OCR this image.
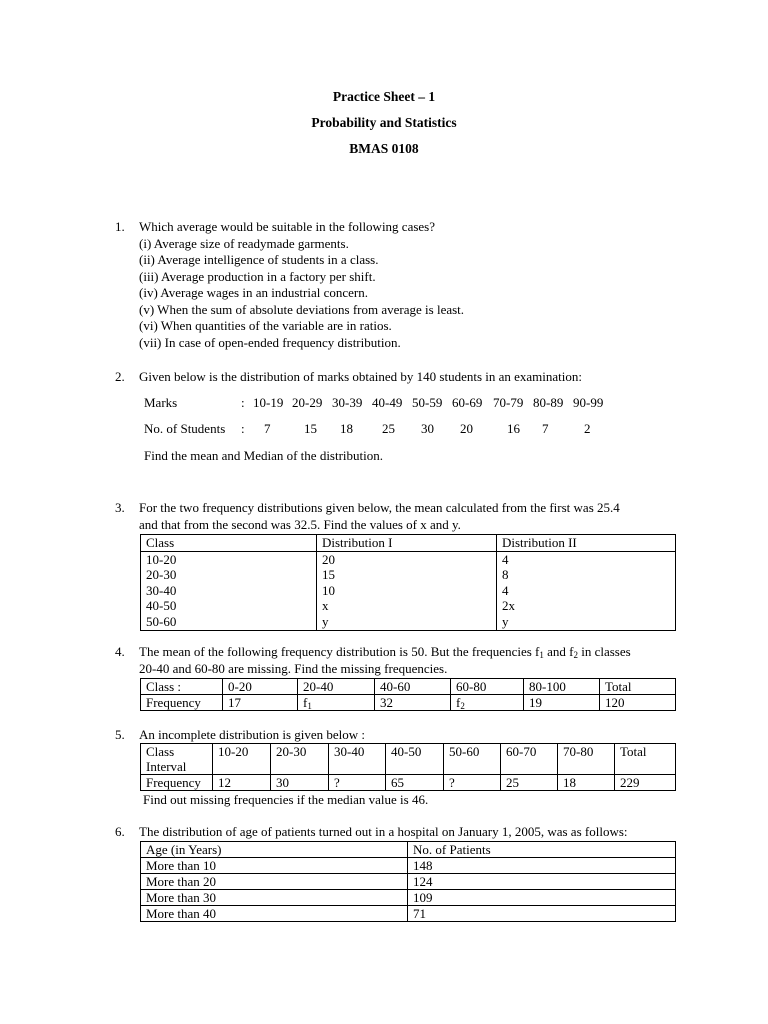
Practice Sheet – 1
Probability and Statistics
BMAS 0108
1. Which average would be suitable in the following cases?
(i) Average size of readymade garments.
(ii) Average intelligence of students in a class.
(iii) Average production in a factory per shift.
(iv) Average wages in an industrial concern.
(v) When the sum of absolute deviations from average is least.
(vi) When quantities of the variable are in ratios.
(vii) In case of open-ended frequency distribution.
2. Given below is the distribution of marks obtained by 140 students in an examination:
Marks	: 10-19 20-29 30-39 40-49 50-59 60-69 70-79 80-89 90-99
No. of Students : 7	15 18 25 30 20	16 7	2
Find the mean and Median of the distribution.
3. For the two frequency distributions given below, the mean calculated from the first was 25.4
and that from the second was 32.5. Find the values of x and y.
Class	Distribution I	Distribution II
10-20	20	4
20-30	15	8
30-40	10	4
40-50	x	2x
50-60	y	y
4. The mean of the following frequency distribution is 50. But the frequencies $f_1$ and $f_2$ in classes
20-40 and 60-80 are missing. Find the missing frequencies.
Class :	0-20	20-40	40-60	60-80	80-100	Total
Frequency	17	$f_1$	32	$f_2$	19	120
5. An incomplete distribution is given below :
Class
Interval	10-20	20-30	30-40	40-50	50-60	60-70	70-80	Total
Frequency	12	30	?	65	?	25	18	229
Find out missing frequencies if the median value is 46.
6. The distribution of age of patients turned out in a hospital on January 1, 2005, was as follows:
Age (in Years)	No. of Patients
More than 10	148
More than 20	124
More than 30	109
More than 40	71
